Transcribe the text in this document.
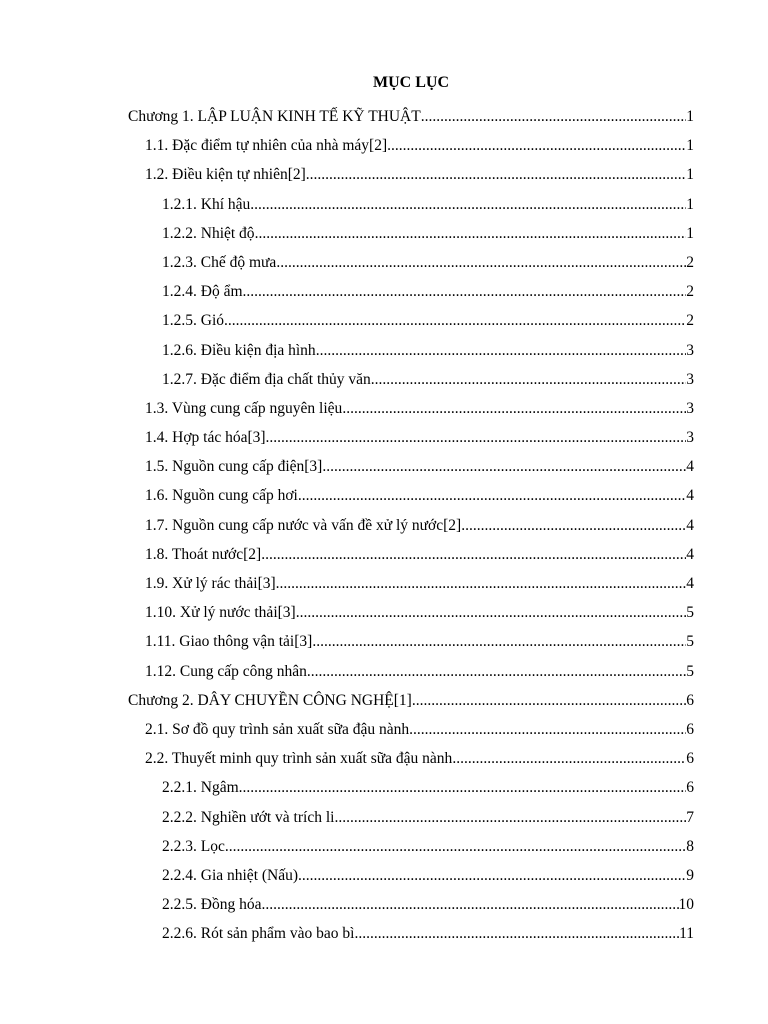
MỤC LỤC
Chương 1. LẬP LUẬN KINH TẾ KỸ THUẬT .....	1
1.1. Đặc điểm tự nhiên của nhà máy[2] .....	1
1.2. Điều kiện tự nhiên[2] .....	1
1.2.1. Khí hậu .....	1
1.2.2. Nhiệt độ .....	1
1.2.3. Chế độ mưa .....	2
1.2.4. Độ ẩm .....	2
1.2.5. Gió .....	2
1.2.6. Điều kiện địa hình .....	3
1.2.7. Đặc điểm địa chất thủy văn .....	3
1.3. Vùng cung cấp nguyên liệu .....	3
1.4. Hợp tác hóa[3] .....	3
1.5. Nguồn cung cấp điện[3] .....	4
1.6. Nguồn cung cấp hơi .....	4
1.7. Nguồn cung cấp nước và vấn đề xử lý nước[2] .....	4
1.8. Thoát nước[2] .....	4
1.9. Xử lý rác thải[3] .....	4
1.10. Xử lý nước thải[3] .....	5
1.11. Giao thông vận tải[3] .....	5
1.12. Cung cấp công nhân .....	5
Chương 2. DÂY CHUYỀN CÔNG NGHỆ[1] .....	6
2.1. Sơ đồ quy trình sản xuất sữa đậu nành .....	6
2.2. Thuyết minh quy trình sản xuất sữa đậu nành .....	6
2.2.1. Ngâm .....	6
2.2.2. Nghiền ướt và trích li .....	7
2.2.3. Lọc .....	8
2.2.4. Gia nhiệt (Nấu) .....	9
2.2.5. Đồng hóa .....	10
2.2.6. Rót sản phẩm vào bao bì .....	11
